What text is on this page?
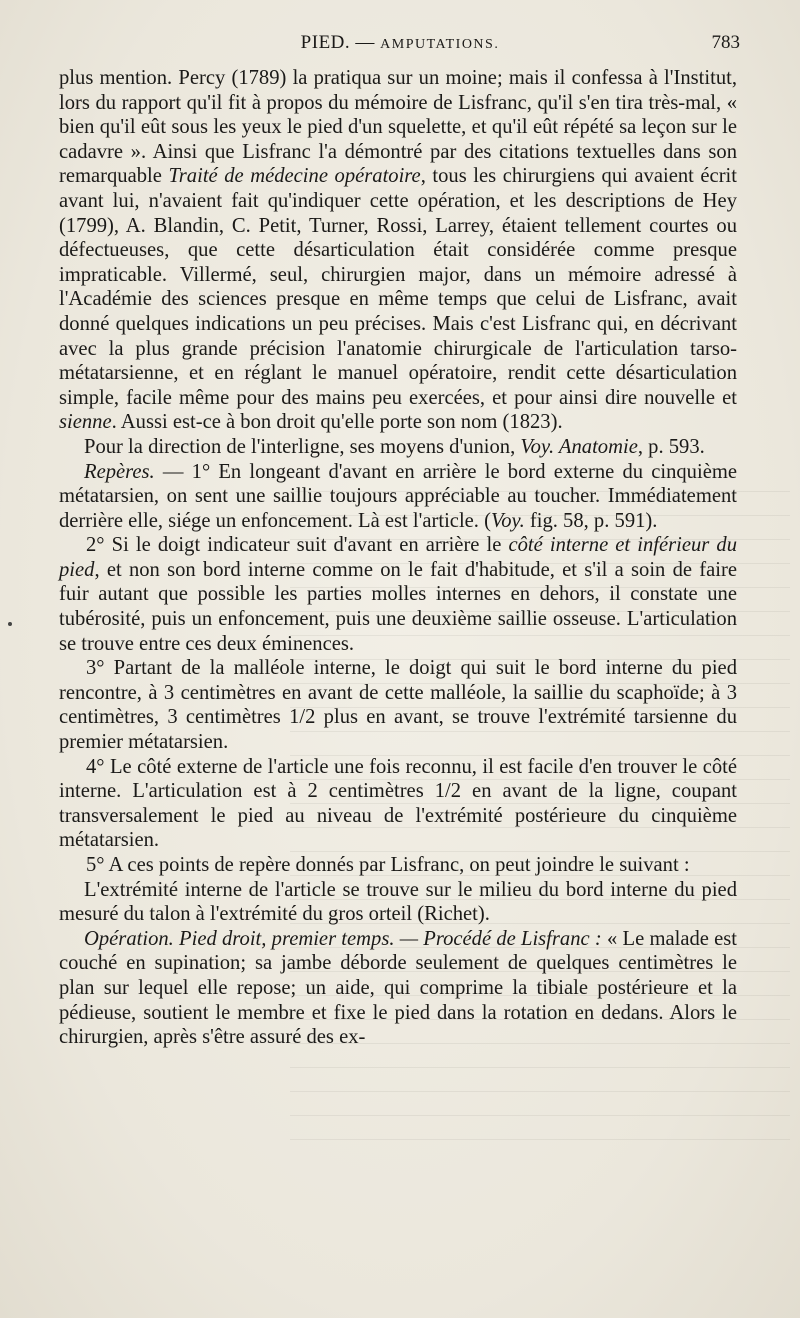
PIED. — AMPUTATIONS.	783

plus mention. Percy (1789) la pratiqua sur un moine; mais il confessa à l'Institut, lors du rapport qu'il fit à propos du mémoire de Lisfranc, qu'il s'en tira très-mal, « bien qu'il eût sous les yeux le pied d'un squelette, et qu'il eût répété sa leçon sur le cadavre ». Ainsi que Lisfranc l'a démontré par des citations textuelles dans son remarquable Traité de médecine opératoire, tous les chirurgiens qui avaient écrit avant lui, n'avaient fait qu'indiquer cette opération, et les descriptions de Hey (1799), A. Blandin, C. Petit, Turner, Rossi, Larrey, étaient tellement courtes ou défectueuses, que cette désarticulation était considérée comme presque impraticable. Villermé, seul, chirurgien major, dans un mémoire adressé à l'Académie des sciences presque en même temps que celui de Lisfranc, avait donné quelques indications un peu précises. Mais c'est Lisfranc qui, en décrivant avec la plus grande précision l'anatomie chirurgicale de l'articulation tarso-métatarsienne, et en réglant le manuel opératoire, rendit cette désarticulation simple, facile même pour des mains peu exercées, et pour ainsi dire nouvelle et sienne. Aussi est-ce à bon droit qu'elle porte son nom (1823).

Pour la direction de l'interligne, ses moyens d'union, Voy. Anatomie, p. 593.

Repères. — 1° En longeant d'avant en arrière le bord externe du cinquième métatarsien, on sent une saillie toujours appréciable au toucher. Immédiatement derrière elle, siége un enfoncement. Là est l'article. (Voy. fig. 58, p. 591).

2° Si le doigt indicateur suit d'avant en arrière le côté interne et inférieur du pied, et non son bord interne comme on le fait d'habitude, et s'il a soin de faire fuir autant que possible les parties molles internes en dehors, il constate une tubérosité, puis un enfoncement, puis une deuxième saillie osseuse. L'articulation se trouve entre ces deux éminences.

3° Partant de la malléole interne, le doigt qui suit le bord interne du pied rencontre, à 3 centimètres en avant de cette malléole, la saillie du scaphoïde; à 3 centimètres, 3 centimètres 1/2 plus en avant, se trouve l'extrémité tarsienne du premier métatarsien.

4° Le côté externe de l'article une fois reconnu, il est facile d'en trouver le côté interne. L'articulation est à 2 centimètres 1/2 en avant de la ligne, coupant transversalement le pied au niveau de l'extrémité postérieure du cinquième métatarsien.

5° A ces points de repère donnés par Lisfranc, on peut joindre le suivant :

L'extrémité interne de l'article se trouve sur le milieu du bord interne du pied mesuré du talon à l'extrémité du gros orteil (Richet).

Opération. Pied droit, premier temps. — Procédé de Lisfranc : « Le malade est couché en supination; sa jambe déborde seulement de quelques centimètres le plan sur lequel elle repose; un aide, qui comprime la tibiale postérieure et la pédieuse, soutient le membre et fixe le pied dans la rotation en dedans. Alors le chirurgien, après s'être assuré des ex-
